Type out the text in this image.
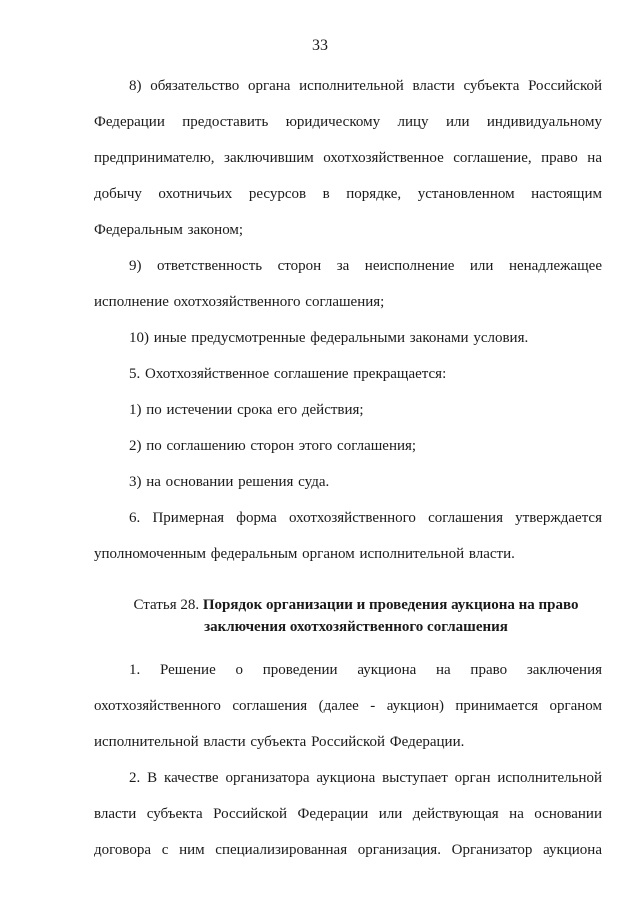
33

8) обязательство органа исполнительной власти субъекта Российской Федерации предоставить юридическому лицу или индивидуальному предпринимателю, заключившим охотхозяйственное соглашение, право на добычу охотничьих ресурсов в порядке, установленном настоящим Федеральным законом;

9) ответственность сторон за неисполнение или ненадлежащее исполнение охотхозяйственного соглашения;

10) иные предусмотренные федеральными законами условия.

5. Охотхозяйственное соглашение прекращается:

1) по истечении срока его действия;

2) по соглашению сторон этого соглашения;

3) на основании решения суда.

6. Примерная форма охотхозяйственного соглашения утверждается уполномоченным федеральным органом исполнительной власти.

Статья 28. Порядок организации и проведения аукциона на право
заключения охотхозяйственного соглашения

1. Решение о проведении аукциона на право заключения охотхозяйственного соглашения (далее - аукцион) принимается органом исполнительной власти субъекта Российской Федерации.

2. В качестве организатора аукциона выступает орган исполнительной власти субъекта Российской Федерации или действующая на основании договора с ним специализированная организация. Организатор аукциона
